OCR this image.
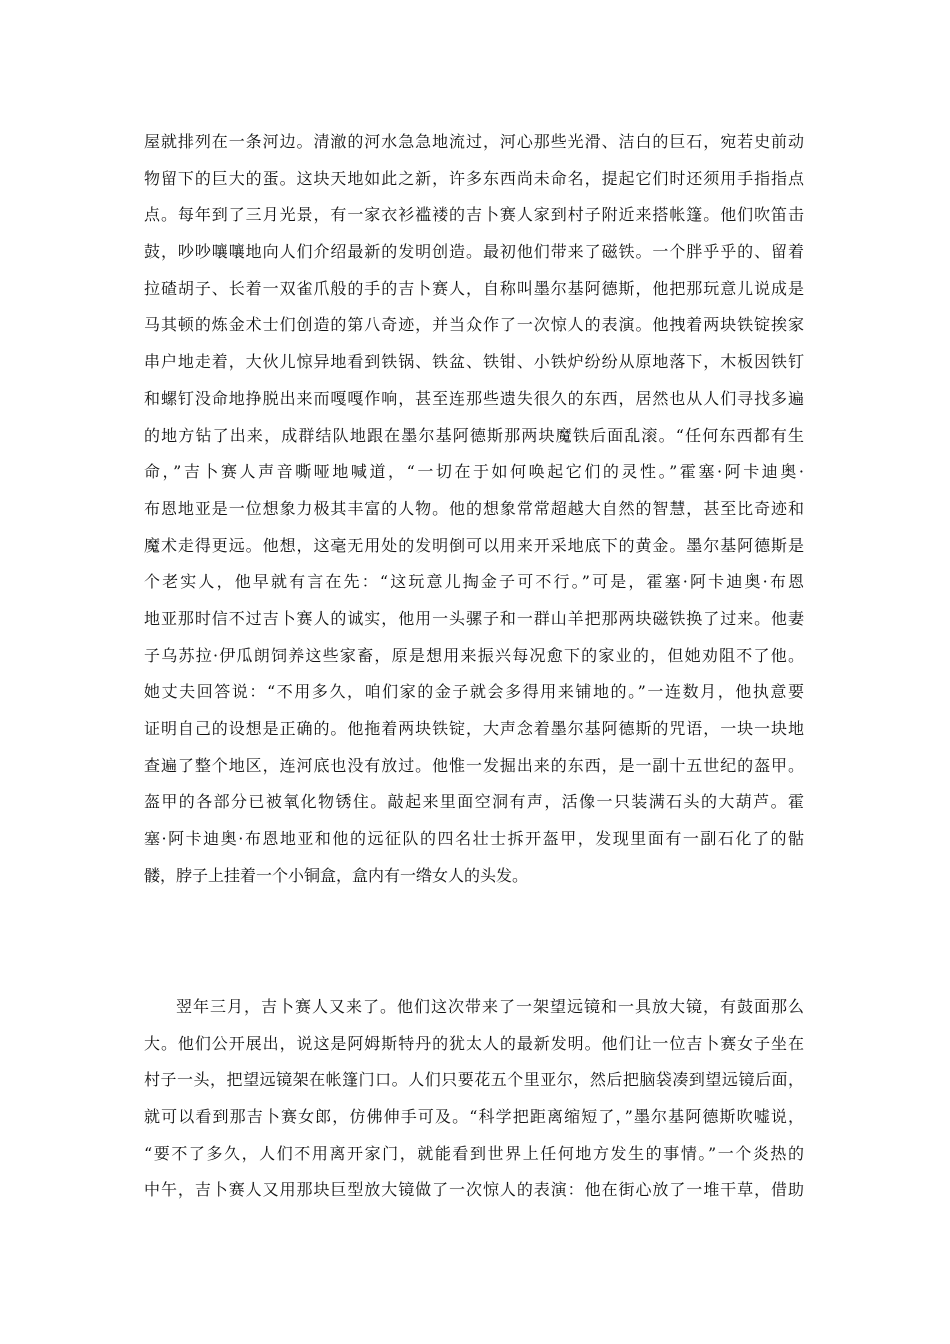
屋就排列在一条河边。清澈的河水急急地流过，河心那些光滑、洁白的巨石，宛若史前动
物留下的巨大的蛋。这块天地如此之新，许多东西尚未命名，提起它们时还须用手指指点
点。每年到了三月光景，有一家衣衫褴褛的吉卜赛人家到村子附近来搭帐篷。他们吹笛击
鼓，吵吵嚷嚷地向人们介绍最新的发明创造。最初他们带来了磁铁。一个胖乎乎的、留着
拉碴胡子、长着一双雀爪般的手的吉卜赛人，自称叫墨尔基阿德斯，他把那玩意儿说成是
马其顿的炼金术士们创造的第八奇迹，并当众作了一次惊人的表演。他拽着两块铁锭挨家
串户地走着，大伙儿惊异地看到铁锅、铁盆、铁钳、小铁炉纷纷从原地落下，木板因铁钉
和螺钉没命地挣脱出来而嘎嘎作响，甚至连那些遗失很久的东西，居然也从人们寻找多遍
的地方钻了出来，成群结队地跟在墨尔基阿德斯那两块魔铁后面乱滚。“任何东西都有生
命，”吉卜赛人声音嘶哑地喊道，“一切在于如何唤起它们的灵性。”霍塞·阿卡迪奥·
布恩地亚是一位想象力极其丰富的人物。他的想象常常超越大自然的智慧，甚至比奇迹和
魔术走得更远。他想，这毫无用处的发明倒可以用来开采地底下的黄金。墨尔基阿德斯是
个老实人，他早就有言在先：“这玩意儿掏金子可不行。”可是，霍塞·阿卡迪奥·布恩
地亚那时信不过吉卜赛人的诚实，他用一头骡子和一群山羊把那两块磁铁换了过来。他妻
子乌苏拉·伊瓜朗饲养这些家畜，原是想用来振兴每况愈下的家业的，但她劝阻不了他。
她丈夫回答说：“不用多久，咱们家的金子就会多得用来铺地的。”一连数月，他执意要
证明自己的设想是正确的。他拖着两块铁锭，大声念着墨尔基阿德斯的咒语，一块一块地
查遍了整个地区，连河底也没有放过。他惟一发掘出来的东西，是一副十五世纪的盔甲。
盔甲的各部分已被氧化物锈住。敲起来里面空洞有声，活像一只装满石头的大葫芦。霍
塞·阿卡迪奥·布恩地亚和他的远征队的四名壮士拆开盔甲，发现里面有一副石化了的骷
髅，脖子上挂着一个小铜盒，盒内有一绺女人的头发。
翌年三月，吉卜赛人又来了。他们这次带来了一架望远镜和一具放大镜，有鼓面那么
大。他们公开展出，说这是阿姆斯特丹的犹太人的最新发明。他们让一位吉卜赛女子坐在
村子一头，把望远镜架在帐篷门口。人们只要花五个里亚尔，然后把脑袋凑到望远镜后面，
就可以看到那吉卜赛女郎，仿佛伸手可及。“科学把距离缩短了，”墨尔基阿德斯吹嘘说，
“要不了多久，人们不用离开家门，就能看到世界上任何地方发生的事情。”一个炎热的
中午，吉卜赛人又用那块巨型放大镜做了一次惊人的表演：他在街心放了一堆干草，借助
